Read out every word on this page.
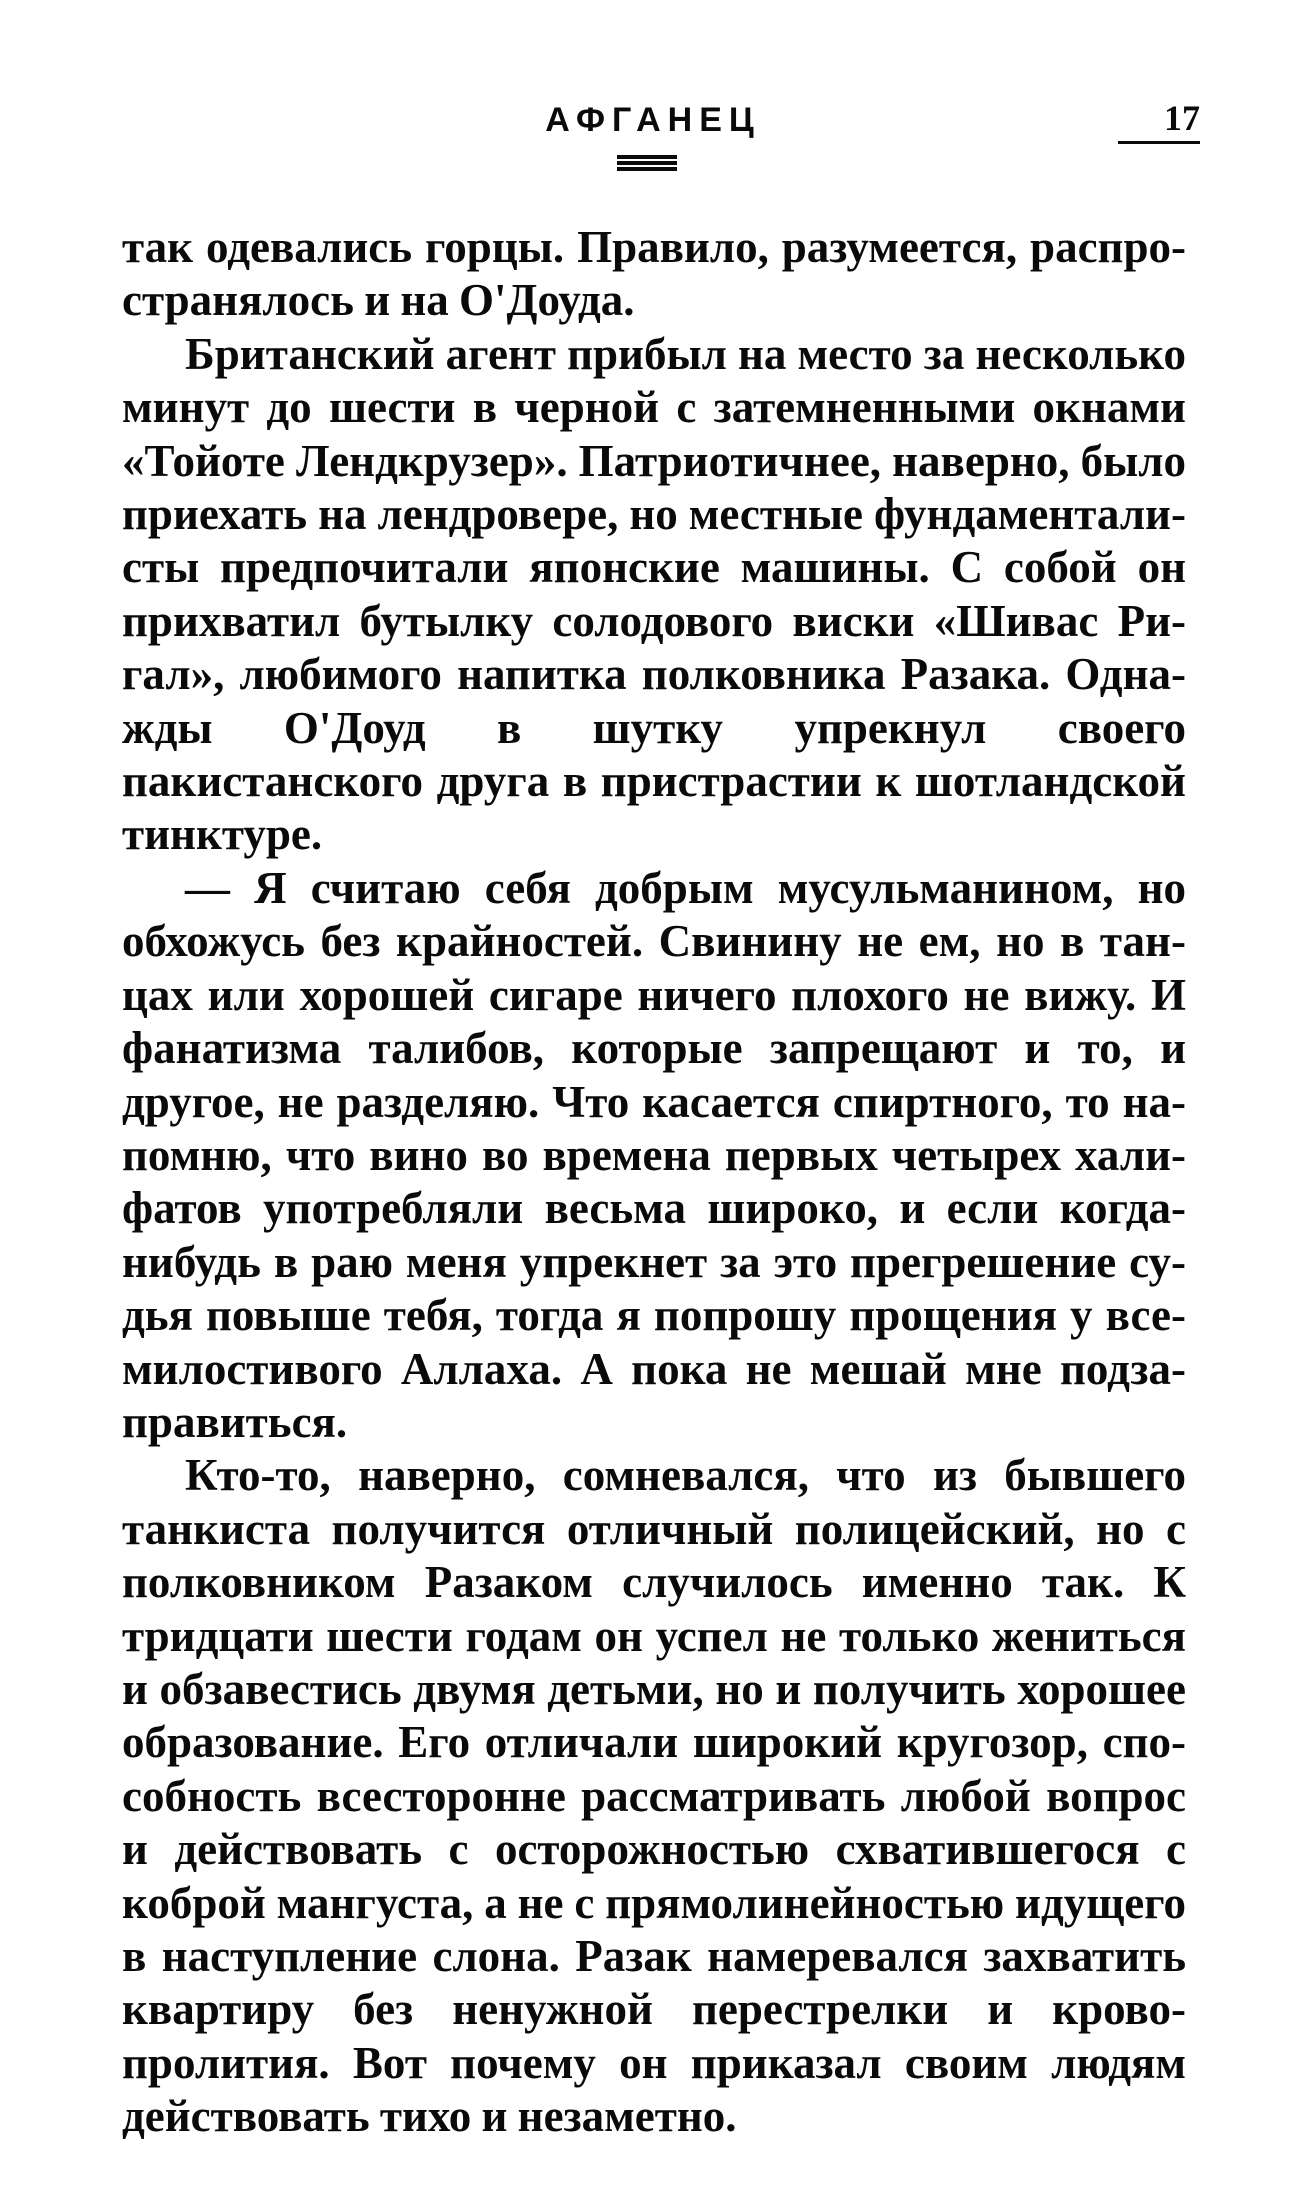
АФГАНЕЦ	17

так одевались горцы. Правило, разумеется, распространялось и на О'Доуда.

Британский агент прибыл на место за несколько минут до шести в черной с затемненными окнами «Тойоте Лендкрузер». Патриотичнее, наверно, было приехать на лендровере, но местные фундаменталисты предпочитали японские машины. С собой он прихватил бутылку солодового виски «Шивас Ригал», любимого напитка полковника Разака. Однажды О'Доуд в шутку упрекнул своего пакистанского друга в пристрастии к шотландской тинктуре.

— Я считаю себя добрым мусульманином, но обхожусь без крайностей. Свинину не ем, но в танцах или хорошей сигаре ничего плохого не вижу. И фанатизма талибов, которые запрещают и то, и другое, не разделяю. Что касается спиртного, то напомню, что вино во времена первых четырех халифатов употребляли весьма широко, и если когда-нибудь в раю меня упрекнет за это прегрешение судья повыше тебя, тогда я попрошу прощения у всемилостивого Аллаха. А пока не мешай мне подзаправиться.

Кто-то, наверно, сомневался, что из бывшего танкиста получится отличный полицейский, но с полковником Разаком случилось именно так. К тридцати шести годам он успел не только жениться и обзавестись двумя детьми, но и получить хорошее образование. Его отличали широкий кругозор, способность всесторонне рассматривать любой вопрос и действовать с осторожностью схватившегося с коброй мангуста, а не с прямолинейностью идущего в наступление слона. Разак намеревался захватить квартиру без ненужной перестрелки и кровопролития. Вот почему он приказал своим людям действовать тихо и незаметно.
